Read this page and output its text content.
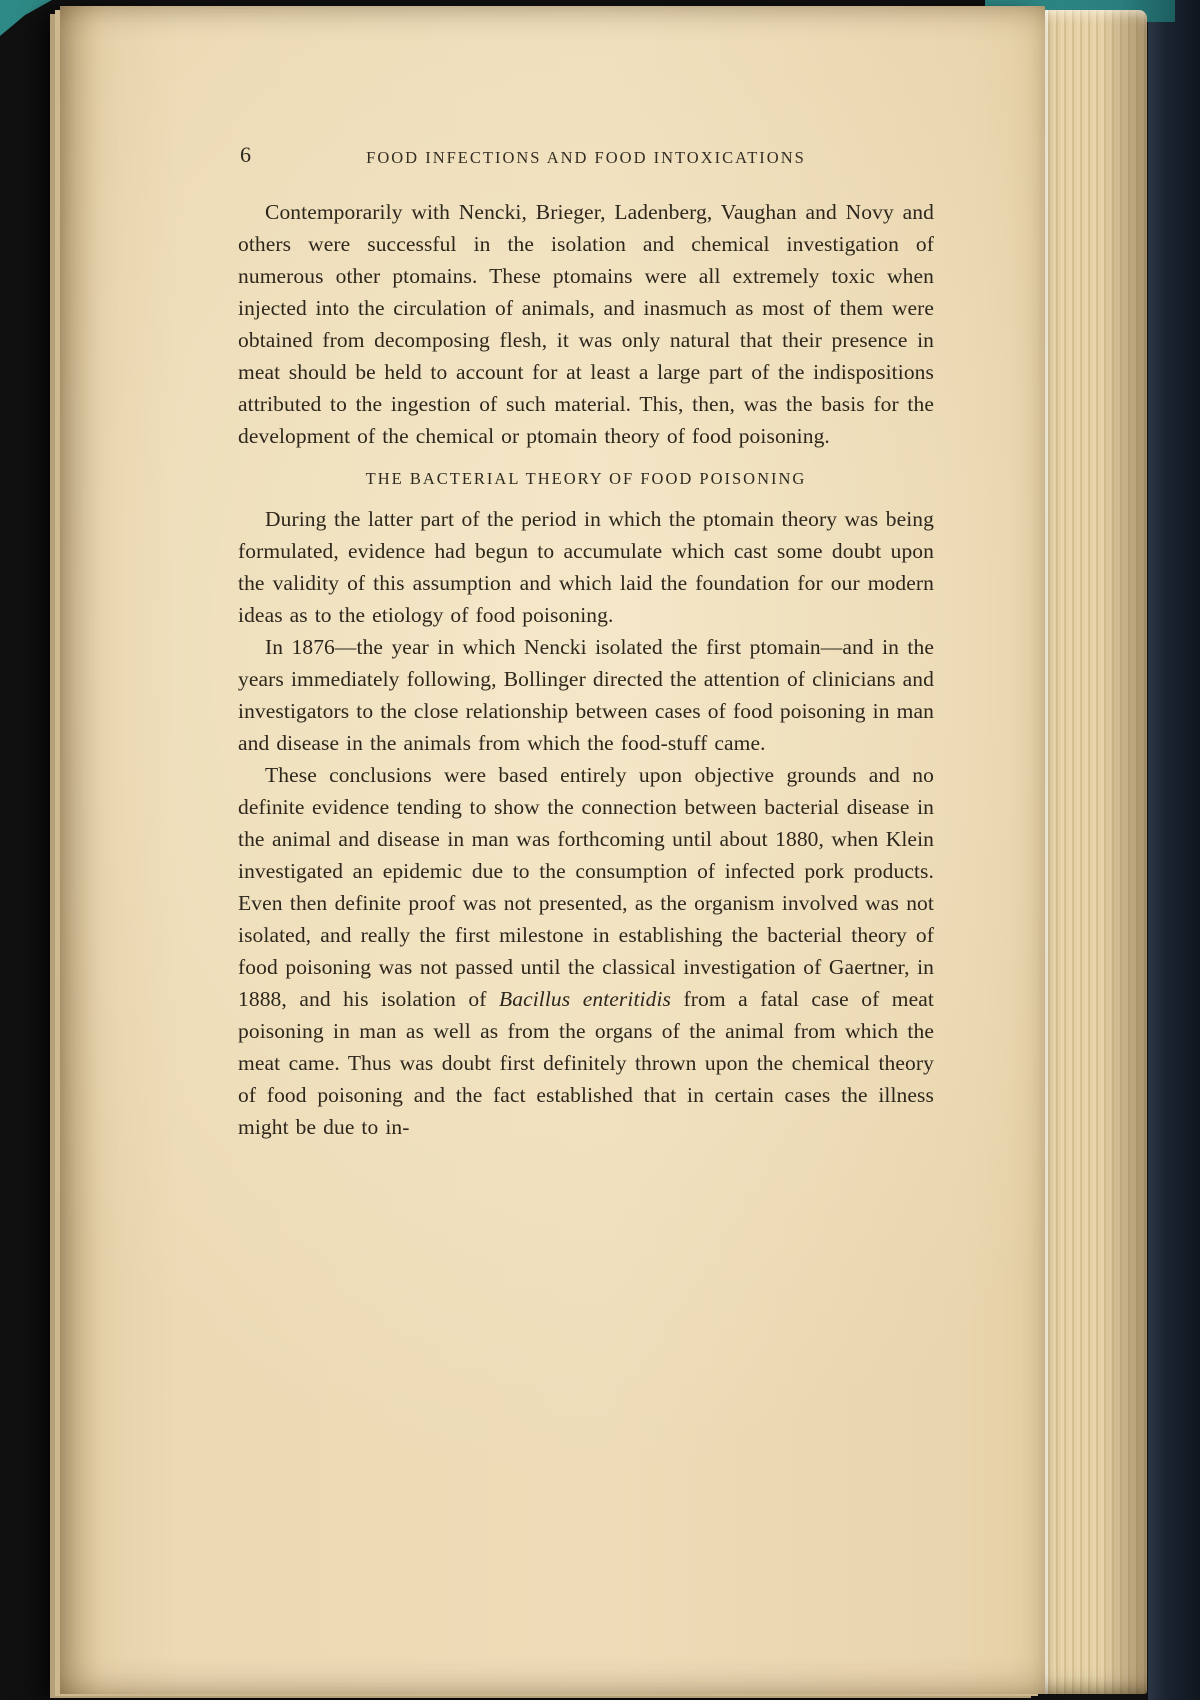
6	FOOD INFECTIONS AND FOOD INTOXICATIONS

Contemporarily with Nencki, Brieger, Ladenberg, Vaughan and Novy and others were successful in the isolation and chemical investigation of numerous other ptomains. These ptomains were all extremely toxic when injected into the circulation of animals, and inasmuch as most of them were obtained from decomposing flesh, it was only natural that their presence in meat should be held to account for at least a large part of the indispositions attributed to the ingestion of such material. This, then, was the basis for the development of the chemical or ptomain theory of food poisoning.

THE BACTERIAL THEORY OF FOOD POISONING

During the latter part of the period in which the ptomain theory was being formulated, evidence had begun to accumulate which cast some doubt upon the validity of this assumption and which laid the foundation for our modern ideas as to the etiology of food poisoning.

In 1876—the year in which Nencki isolated the first ptomain—and in the years immediately following, Bollinger directed the attention of clinicians and investigators to the close relationship between cases of food poisoning in man and disease in the animals from which the food-stuff came.

These conclusions were based entirely upon objective grounds and no definite evidence tending to show the connection between bacterial disease in the animal and disease in man was forthcoming until about 1880, when Klein investigated an epidemic due to the consumption of infected pork products. Even then definite proof was not presented, as the organism involved was not isolated, and really the first milestone in establishing the bacterial theory of food poisoning was not passed until the classical investigation of Gaertner, in 1888, and his isolation of Bacillus enteritidis from a fatal case of meat poisoning in man as well as from the organs of the animal from which the meat came. Thus was doubt first definitely thrown upon the chemical theory of food poisoning and the fact established that in certain cases the illness might be due to in-
